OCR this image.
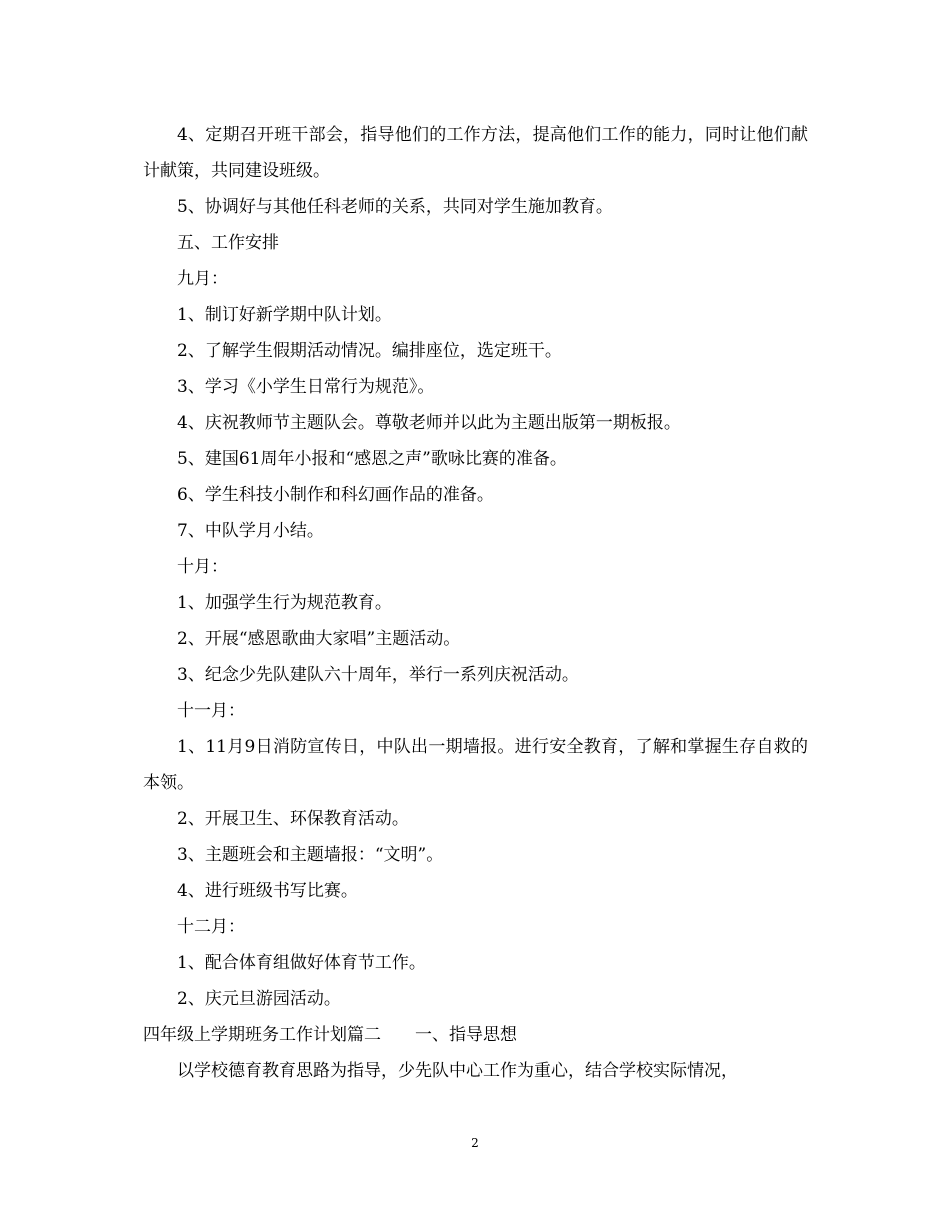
4、定期召开班干部会，指导他们的工作方法，提高他们工作的能力，同时让他们献计献策，共同建设班级。

5、协调好与其他任科老师的关系，共同对学生施加教育。

五、工作安排

九月：

1、制订好新学期中队计划。

2、了解学生假期活动情况。编排座位，选定班干。

3、学习《小学生日常行为规范》。

4、庆祝教师节主题队会。尊敬老师并以此为主题出版第一期板报。

5、建国61周年小报和“感恩之声”歌咏比赛的准备。

6、学生科技小制作和科幻画作品的准备。

7、中队学月小结。

十月：

1、加强学生行为规范教育。

2、开展“感恩歌曲大家唱”主题活动。

3、纪念少先队建队六十周年，举行一系列庆祝活动。

十一月：

1、11月9日消防宣传日，中队出一期墙报。进行安全教育，了解和掌握生存自救的本领。

2、开展卫生、环保教育活动。

3、主题班会和主题墙报：“文明”。

4、进行班级书写比赛。

十二月：

1、配合体育组做好体育节工作。

2、庆元旦游园活动。

四年级上学期班务工作计划篇二　　一、指导思想

以学校德育教育思路为指导，少先队中心工作为重心，结合学校实际情况，

2
